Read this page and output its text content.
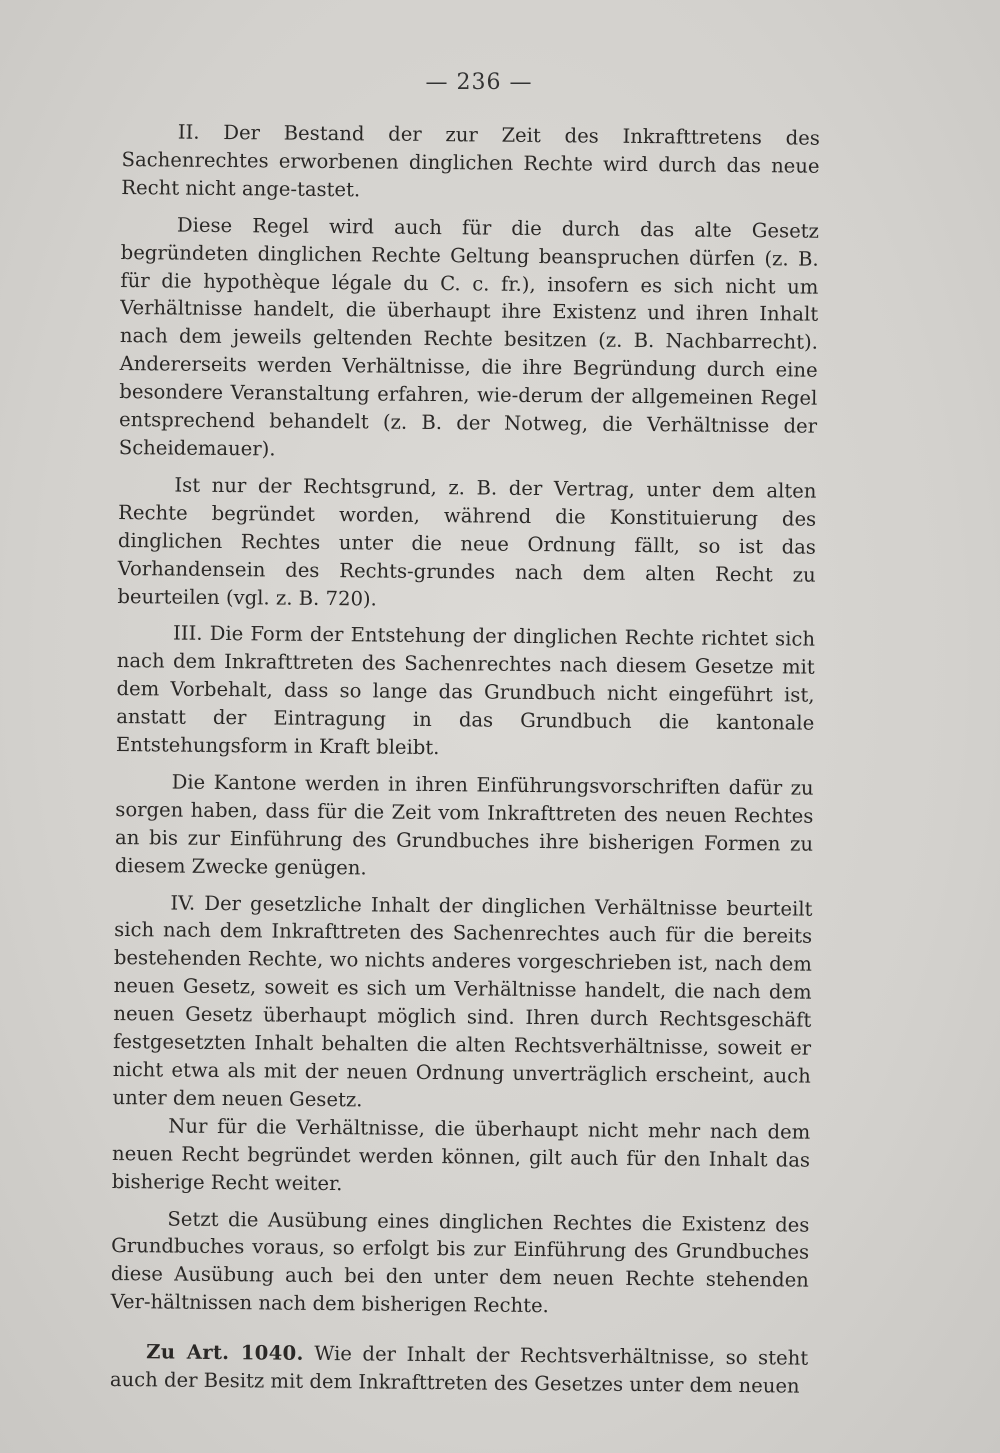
— 236 —

II. Der Bestand der zur Zeit des Inkrafttretens des Sachenrechtes erworbenen dinglichen Rechte wird durch das neue Recht nicht ange-tastet.

Diese Regel wird auch für die durch das alte Gesetz begründeten dinglichen Rechte Geltung beanspruchen dürfen (z. B. für die hypothèque légale du C. c. fr.), insofern es sich nicht um Verhältnisse handelt, die überhaupt ihre Existenz und ihren Inhalt nach dem jeweils geltenden Rechte besitzen (z. B. Nachbarrecht). Andererseits werden Verhältnisse, die ihre Begründung durch eine besondere Veranstaltung erfahren, wie-derum der allgemeinen Regel entsprechend behandelt (z. B. der Notweg, die Verhältnisse der Scheidemauer).

Ist nur der Rechtsgrund, z. B. der Vertrag, unter dem alten Rechte begründet worden, während die Konstituierung des dinglichen Rechtes unter die neue Ordnung fällt, so ist das Vorhandensein des Rechts-grundes nach dem alten Recht zu beurteilen (vgl. z. B. 720).

III. Die Form der Entstehung der dinglichen Rechte richtet sich nach dem Inkrafttreten des Sachenrechtes nach diesem Gesetze mit dem Vorbehalt, dass so lange das Grundbuch nicht eingeführt ist, anstatt der Eintragung in das Grundbuch die kantonale Entstehungsform in Kraft bleibt.

Die Kantone werden in ihren Einführungsvorschriften dafür zu sorgen haben, dass für die Zeit vom Inkrafttreten des neuen Rechtes an bis zur Einführung des Grundbuches ihre bisherigen Formen zu diesem Zwecke genügen.

IV. Der gesetzliche Inhalt der dinglichen Verhältnisse beurteilt sich nach dem Inkrafttreten des Sachenrechtes auch für die bereits bestehenden Rechte, wo nichts anderes vorgeschrieben ist, nach dem neuen Gesetz, soweit es sich um Verhältnisse handelt, die nach dem neuen Gesetz überhaupt möglich sind. Ihren durch Rechtsgeschäft festgesetzten Inhalt behalten die alten Rechtsverhältnisse, soweit er nicht etwa als mit der neuen Ordnung unverträglich erscheint, auch unter dem neuen Gesetz.

Nur für die Verhältnisse, die überhaupt nicht mehr nach dem neuen Recht begründet werden können, gilt auch für den Inhalt das bisherige Recht weiter.

Setzt die Ausübung eines dinglichen Rechtes die Existenz des Grundbuches voraus, so erfolgt bis zur Einführung des Grundbuches diese Ausübung auch bei den unter dem neuen Rechte stehenden Ver-hältnissen nach dem bisherigen Rechte.

Zu Art. 1040. Wie der Inhalt der Rechtsverhältnisse, so steht auch der Besitz mit dem Inkrafttreten des Gesetzes unter dem neuen
